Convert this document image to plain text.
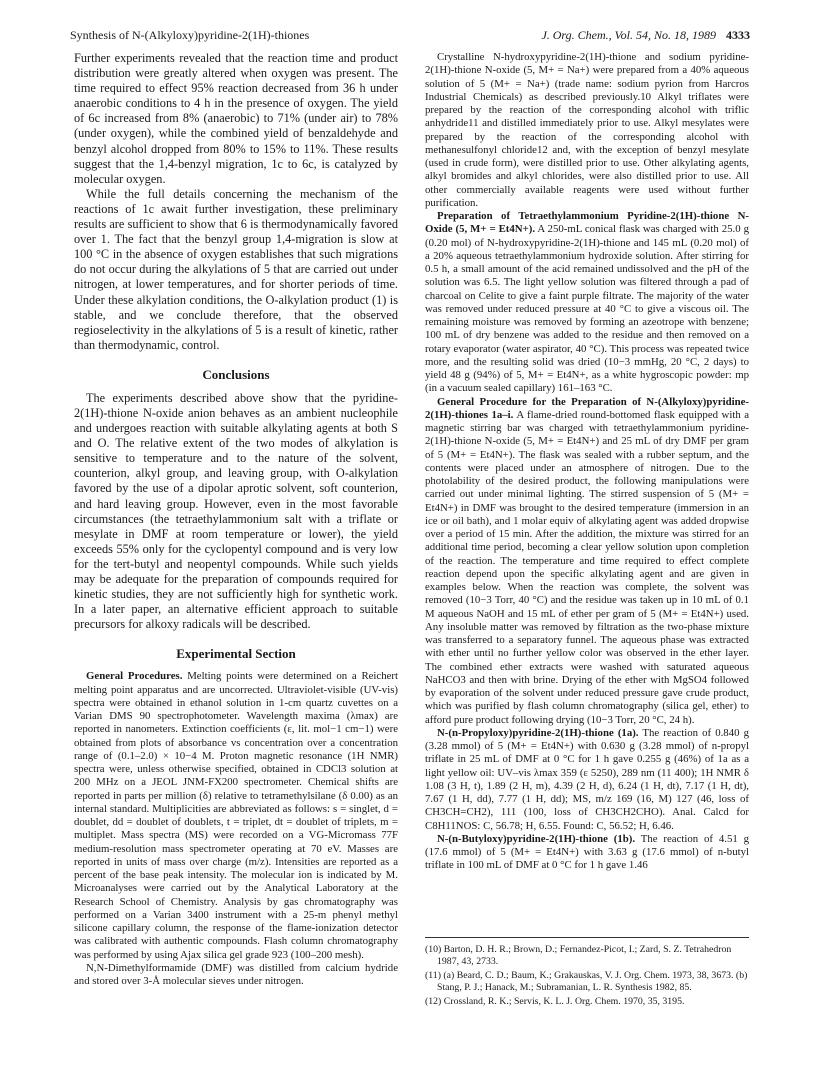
Synthesis of N-(Alkyloxy)pyridine-2(1H)-thiones	J. Org. Chem., Vol. 54, No. 18, 1989 4333

Further experiments revealed that the reaction time and product distribution were greatly altered when oxygen was present. The time required to effect 95% reaction decreased from 36 h under anaerobic conditions to 4 h in the presence of oxygen. The yield of 6c increased from 8% (anaerobic) to 71% (under air) to 78% (under oxygen), while the combined yield of benzaldehyde and benzyl alcohol dropped from 80% to 15% to 11%. These results suggest that the 1,4-benzyl migration, 1c to 6c, is catalyzed by molecular oxygen.

While the full details concerning the mechanism of the reactions of 1c await further investigation, these preliminary results are sufficient to show that 6 is thermodynamically favored over 1. The fact that the benzyl group 1,4-migration is slow at 100 °C in the absence of oxygen establishes that such migrations do not occur during the alkylations of 5 that are carried out under nitrogen, at lower temperatures, and for shorter periods of time. Under these alkylation conditions, the O-alkylation product (1) is stable, and we conclude therefore, that the observed regioselectivity in the alkylations of 5 is a result of kinetic, rather than thermodynamic, control.

Conclusions

The experiments described above show that the pyridine-2(1H)-thione N-oxide anion behaves as an ambient nucleophile and undergoes reaction with suitable alkylating agents at both S and O. The relative extent of the two modes of alkylation is sensitive to temperature and to the nature of the solvent, counterion, alkyl group, and leaving group, with O-alkylation favored by the use of a dipolar aprotic solvent, soft counterion, and hard leaving group. However, even in the most favorable circumstances (the tetraethylammonium salt with a triflate or mesylate in DMF at room temperature or lower), the yield exceeds 55% only for the cyclopentyl compound and is very low for the tert-butyl and neopentyl compounds. While such yields may be adequate for the preparation of compounds required for kinetic studies, they are not sufficiently high for synthetic work. In a later paper, an alternative efficient approach to suitable precursors for alkoxy radicals will be described.

Experimental Section

General Procedures. Melting points were determined on a Reichert melting point apparatus and are uncorrected. Ultraviolet-visible (UV-vis) spectra were obtained in ethanol solution in 1-cm quartz cuvettes on a Varian DMS 90 spectrophotometer. Wavelength maxima (λmax) are reported in nanometers. Extinction coefficients (ε, lit. mol−1 cm−1) were obtained from plots of absorbance vs concentration over a concentration range of (0.1–2.0) × 10−4 M. Proton magnetic resonance (1H NMR) spectra were, unless otherwise specified, obtained in CDCl3 solution at 200 MHz on a JEOL JNM-FX200 spectrometer. Chemical shifts are reported in parts per million (δ) relative to tetramethylsilane (δ 0.00) as an internal standard. Multiplicities are abbreviated as follows: s = singlet, d = doublet, dd = doublet of doublets, t = triplet, dt = doublet of triplets, m = multiplet. Mass spectra (MS) were recorded on a VG-Micromass 77F medium-resolution mass spectrometer operating at 70 eV. Masses are reported in units of mass over charge (m/z). Intensities are reported as a percent of the base peak intensity. The molecular ion is indicated by M. Microanalyses were carried out by the Analytical Laboratory at the Research School of Chemistry. Analysis by gas chromatography was performed on a Varian 3400 instrument with a 25-m phenyl methyl silicone capillary column, the response of the flame-ionization detector was calibrated with authentic compounds. Flash column chromatography was performed by using Ajax silica gel grade 923 (100–200 mesh).

N,N-Dimethylformamide (DMF) was distilled from calcium hydride and stored over 3-Å molecular sieves under nitrogen.

Crystalline N-hydroxypyridine-2(1H)-thione and sodium pyridine-2(1H)-thione N-oxide (5, M+ = Na+) were prepared from a 40% aqueous solution of 5 (M+ = Na+) (trade name: sodium pyrion from Harcros Industrial Chemicals) as described previously.10 Alkyl triflates were prepared by the reaction of the corresponding alcohol with triflic anhydride11 and distilled immediately prior to use. Alkyl mesylates were prepared by the reaction of the corresponding alcohol with methanesulfonyl chloride12 and, with the exception of benzyl mesylate (used in crude form), were distilled prior to use. Other alkylating agents, alkyl bromides and alkyl chlorides, were also distilled prior to use. All other commercially available reagents were used without further purification.

Preparation of Tetraethylammonium Pyridine-2(1H)-thione N-Oxide (5, M+ = Et4N+). A 250-mL conical flask was charged with 25.0 g (0.20 mol) of N-hydroxypyridine-2(1H)-thione and 145 mL (0.20 mol) of a 20% aqueous tetraethylammonium hydroxide solution. After stirring for 0.5 h, a small amount of the acid remained undissolved and the pH of the solution was 6.5. The light yellow solution was filtered through a pad of charcoal on Celite to give a faint purple filtrate. The majority of the water was removed under reduced pressure at 40 °C to give a viscous oil. The remaining moisture was removed by forming an azeotrope with benzene; 100 mL of dry benzene was added to the residue and then removed on a rotary evaporator (water aspirator, 40 °C). This process was repeated twice more, and the resulting solid was dried (10−3 mmHg, 20 °C, 2 days) to yield 48 g (94%) of 5, M+ = Et4N+, as a white hygroscopic powder: mp (in a vacuum sealed capillary) 161–163 °C.

General Procedure for the Preparation of N-(Alkyloxy)pyridine-2(1H)-thiones 1a–i. A flame-dried round-bottomed flask equipped with a magnetic stirring bar was charged with tetraethylammonium pyridine-2(1H)-thione N-oxide (5, M+ = Et4N+) and 25 mL of dry DMF per gram of 5 (M+ = Et4N+). The flask was sealed with a rubber septum, and the contents were placed under an atmosphere of nitrogen. Due to the photolability of the desired product, the following manipulations were carried out under minimal lighting. The stirred suspension of 5 (M+ = Et4N+) in DMF was brought to the desired temperature (immersion in an ice or oil bath), and 1 molar equiv of alkylating agent was added dropwise over a period of 15 min. After the addition, the mixture was stirred for an additional time period, becoming a clear yellow solution upon completion of the reaction. The temperature and time required to effect complete reaction depend upon the specific alkylating agent and are given in examples below. When the reaction was complete, the solvent was removed (10−3 Torr, 40 °C) and the residue was taken up in 10 mL of 0.1 M aqueous NaOH and 15 mL of ether per gram of 5 (M+ = Et4N+) used. Any insoluble matter was removed by filtration as the two-phase mixture was transferred to a separatory funnel. The aqueous phase was extracted with ether until no further yellow color was observed in the ether layer. The combined ether extracts were washed with saturated aqueous NaHCO3 and then with brine. Drying of the ether with MgSO4 followed by evaporation of the solvent under reduced pressure gave crude product, which was purified by flash column chromatography (silica gel, ether) to afford pure product following drying (10−3 Torr, 20 °C, 24 h).

N-(n-Propyloxy)pyridine-2(1H)-thione (1a). The reaction of 0.840 g (3.28 mmol) of 5 (M+ = Et4N+) with 0.630 g (3.28 mmol) of n-propyl triflate in 25 mL of DMF at 0 °C for 1 h gave 0.255 g (46%) of 1a as a light yellow oil: UV–vis λmax 359 (ε 5250), 289 nm (11 400); 1H NMR δ 1.08 (3 H, t), 1.89 (2 H, m), 4.39 (2 H, d), 6.24 (1 H, dt), 7.17 (1 H, dt), 7.67 (1 H, dd), 7.77 (1 H, dd); MS, m/z 169 (16, M) 127 (46, loss of CH3CH=CH2), 111 (100, loss of CH3CH2CHO). Anal. Calcd for C8H11NOS: C, 56.78; H, 6.55. Found: C, 56.52; H, 6.46.

N-(n-Butyloxy)pyridine-2(1H)-thione (1b). The reaction of 4.51 g (17.6 mmol) of 5 (M+ = Et4N+) with 3.63 g (17.6 mmol) of n-butyl triflate in 100 mL of DMF at 0 °C for 1 h gave 1.46

(10) Barton, D. H. R.; Brown, D.; Fernandez-Picot, I.; Zard, S. Z. Tetrahedron 1987, 43, 2733.

(11) (a) Beard, C. D.; Baum, K.; Grakauskas, V. J. Org. Chem. 1973, 38, 3673. (b) Stang, P. J.; Hanack, M.; Subramanian, L. R. Synthesis 1982, 85.

(12) Crossland, R. K.; Servis, K. L. J. Org. Chem. 1970, 35, 3195.
